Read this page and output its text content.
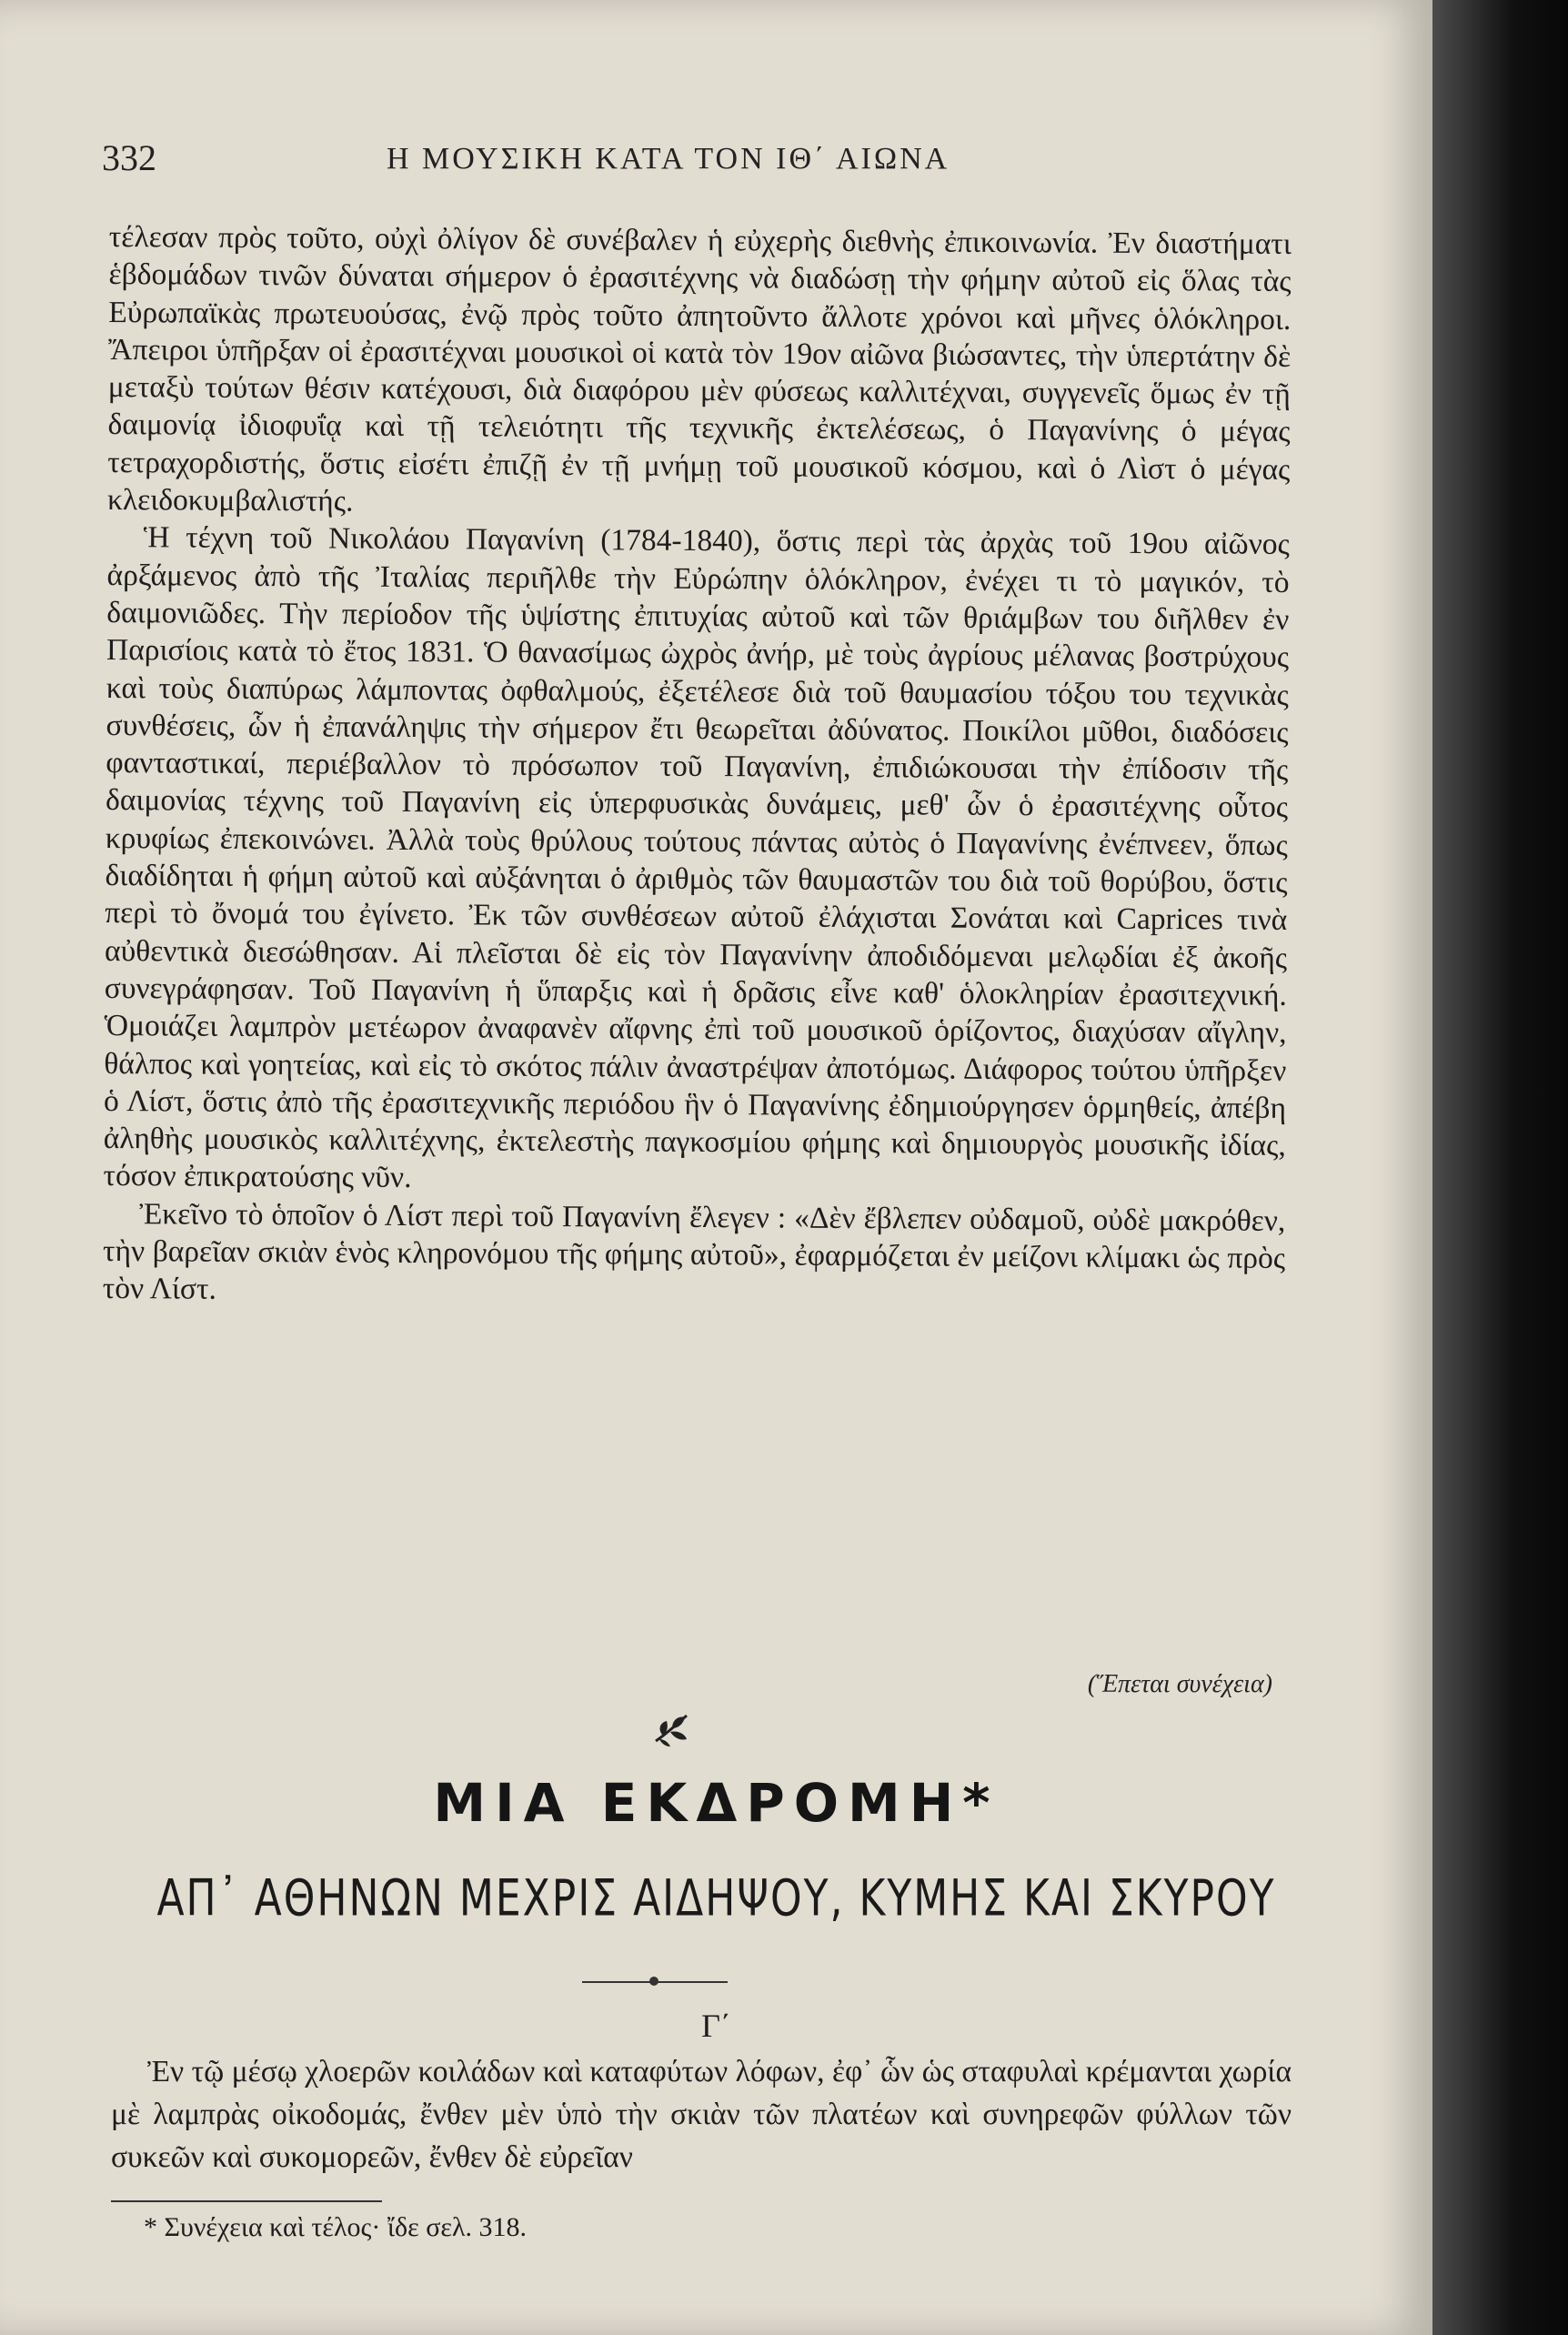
332	Η ΜΟΥΣΙΚΗ ΚΑΤΑ ΤΟΝ ΙΘ΄ ΑΙΩΝΑ

τέλεσαν πρὸς τοῦτο, οὐχὶ ὀλίγον δὲ συνέβαλεν ἡ εὐχερὴς διεθνὴς ἐπικοινωνία. Ἐν διαστήματι ἑβδομάδων τινῶν δύναται σήμερον ὁ ἐρασιτέχνης νὰ διαδώσῃ τὴν φήμην αὐτοῦ εἰς ὅλας τὰς Εὐρωπαϊκὰς πρωτευούσας, ἐνῷ πρὸς τοῦτο ἀπητοῦντο ἄλλοτε χρόνοι καὶ μῆνες ὁλόκληροι. Ἄπειροι ὑπῆρξαν οἱ ἐρασιτέχναι μουσικοὶ οἱ κατὰ τὸν 19ον αἰῶνα βιώσαντες, τὴν ὑπερτάτην δὲ μεταξὺ τούτων θέσιν κατέχουσι, διὰ διαφόρου μὲν φύσεως καλλιτέχναι, συγγενεῖς ὅμως ἐν τῇ δαιμονίᾳ ἰδιοφυΐᾳ καὶ τῇ τελειότητι τῆς τεχνικῆς ἐκτελέσεως, ὁ Παγανίνης ὁ μέγας τετραχορδιστής, ὅστις εἰσέτι ἐπιζῇ ἐν τῇ μνήμῃ τοῦ μουσικοῦ κόσμου, καὶ ὁ Λὶστ ὁ μέγας κλειδοκυμβαλιστής.

Ἡ τέχνη τοῦ Νικολάου Παγανίνη (1784-1840), ὅστις περὶ τὰς ἀρχὰς τοῦ 19ου αἰῶνος ἀρξάμενος ἀπὸ τῆς Ἰταλίας περιῆλθε τὴν Εὐρώπην ὁλόκληρον, ἐνέχει τι τὸ μαγικόν, τὸ δαιμονιῶδες. Τὴν περίοδον τῆς ὑψίστης ἐπιτυχίας αὐτοῦ καὶ τῶν θριάμβων του διῆλθεν ἐν Παρισίοις κατὰ τὸ ἔτος 1831. Ὁ θανασίμως ὠχρὸς ἀνήρ, μὲ τοὺς ἀγρίους μέλανας βοστρύχους καὶ τοὺς διαπύρως λάμποντας ὀφθαλμούς, ἐξετέλεσε διὰ τοῦ θαυμασίου τόξου του τεχνικὰς συνθέσεις, ὧν ἡ ἐπανάληψις τὴν σήμερον ἔτι θεωρεῖται ἀδύνατος. Ποικίλοι μῦθοι, διαδόσεις φανταστικαί, περιέβαλλον τὸ πρόσωπον τοῦ Παγανίνη, ἐπιδιώκουσαι τὴν ἐπίδοσιν τῆς δαιμονίας τέχνης τοῦ Παγανίνη εἰς ὑπερφυσικὰς δυνάμεις, μεθ' ὧν ὁ ἐρασιτέχνης οὗτος κρυφίως ἐπεκοινώνει. Ἀλλὰ τοὺς θρύλους τούτους πάντας αὐτὸς ὁ Παγανίνης ἐνέπνεεν, ὅπως διαδίδηται ἡ φήμη αὐτοῦ καὶ αὐξάνηται ὁ ἀριθμὸς τῶν θαυμαστῶν του διὰ τοῦ θορύβου, ὅστις περὶ τὸ ὄνομά του ἐγίνετο. Ἐκ τῶν συνθέσεων αὐτοῦ ἐλάχισται Σονάται καὶ Caprices τινὰ αὐθεντικὰ διεσώθησαν. Αἱ πλεῖσται δὲ εἰς τὸν Παγανίνην ἀποδιδόμεναι μελῳδίαι ἐξ ἀκοῆς συνεγράφησαν. Τοῦ Παγανίνη ἡ ὕπαρξις καὶ ἡ δρᾶσις εἶνε καθ' ὁλοκληρίαν ἐρασιτεχνική. Ὁμοιάζει λαμπρὸν μετέωρον ἀναφανὲν αἴφνης ἐπὶ τοῦ μουσικοῦ ὁρίζοντος, διαχύσαν αἴγλην, θάλπος καὶ γοητείας, καὶ εἰς τὸ σκότος πάλιν ἀναστρέψαν ἀποτόμως. Διάφορος τούτου ὑπῆρξεν ὁ Λίστ, ὅστις ἀπὸ τῆς ἐρασιτεχνικῆς περιόδου ἣν ὁ Παγανίνης ἐδημιούργησεν ὁρμηθείς, ἀπέβη ἀληθὴς μουσικὸς καλλιτέχνης, ἐκτελεστὴς παγκοσμίου φήμης καὶ δημιουργὸς μουσικῆς ἰδίας, τόσον ἐπικρατούσης νῦν.

Ἐκεῖνο τὸ ὁποῖον ὁ Λίστ περὶ τοῦ Παγανίνη ἔλεγεν : «Δὲν ἔβλεπεν οὐδαμοῦ, οὐδὲ μακρόθεν, τὴν βαρεῖαν σκιὰν ἑνὸς κληρονόμου τῆς φήμης αὐτοῦ», ἐφαρμόζεται ἐν μείζονι κλίμακι ὡς πρὸς τὸν Λίστ.

(Ἕπεται συνέχεια)
ΜΙΑ ΕΚΔΡΟΜΗ*
ΑΠ᾽ ΑΘΗΝΩΝ ΜΕΧΡΙΣ ΑΙΔΗΨΟΥ, ΚΥΜΗΣ ΚΑΙ ΣΚΥΡΟΥ
Γ΄

Ἐν τῷ μέσῳ χλοερῶν κοιλάδων καὶ καταφύτων λόφων, ἐφ᾽ ὧν ὡς σταφυλαὶ κρέμανται χωρία μὲ λαμπρὰς οἰκοδομάς, ἔνθεν μὲν ὑπὸ τὴν σκιὰν τῶν πλατέων καὶ συνηρεφῶν φύλλων τῶν συκεῶν καὶ συκομορεῶν, ἔνθεν δὲ εὐρεῖαν

* Συνέχεια καὶ τέλος· ἴδε σελ. 318.
